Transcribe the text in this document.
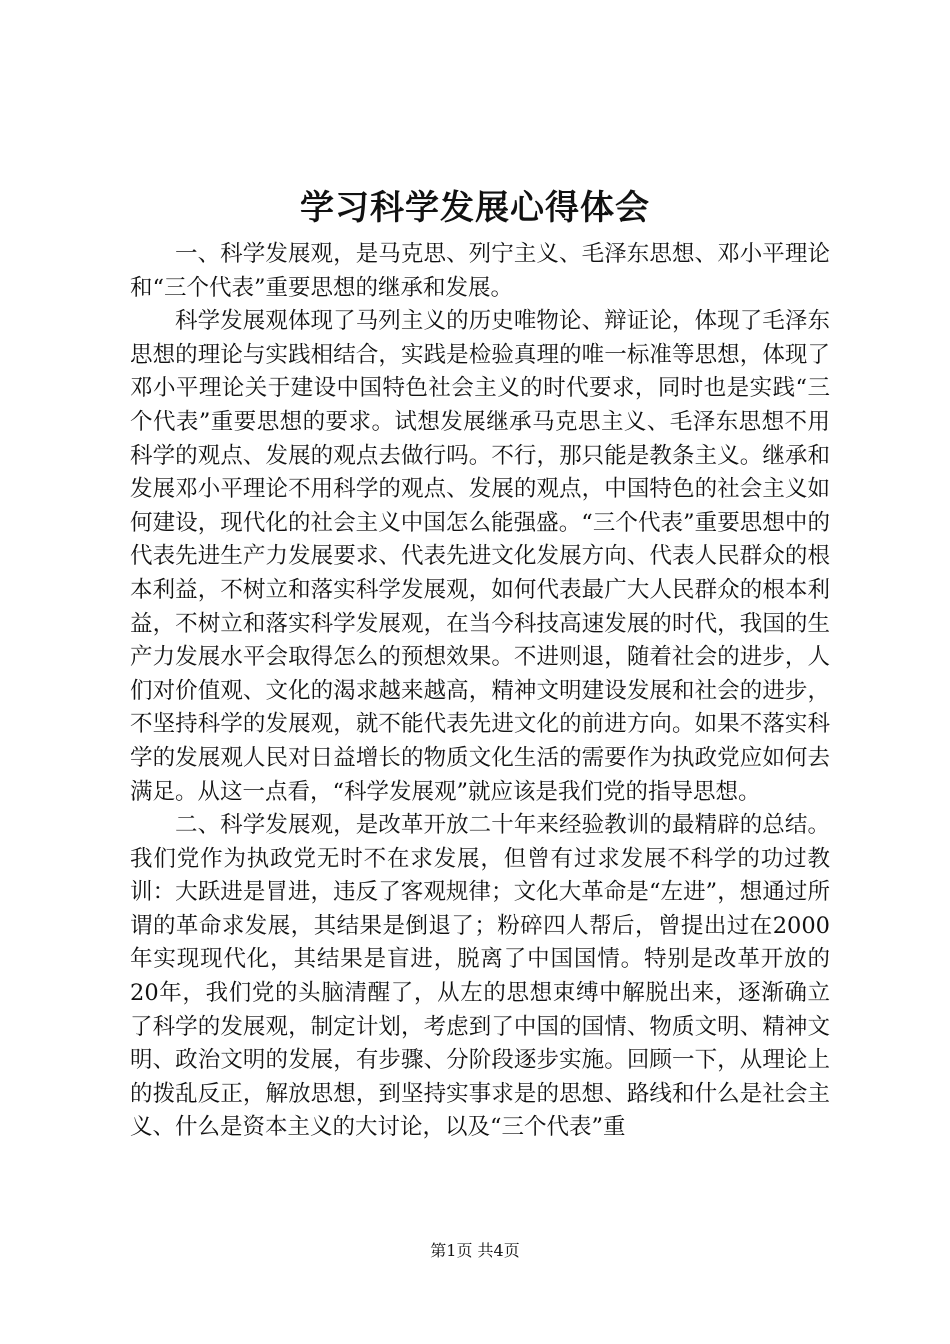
学习科学发展心得体会

一、科学发展观，是马克思、列宁主义、毛泽东思想、邓小平理论和“三个代表”重要思想的继承和发展。

科学发展观体现了马列主义的历史唯物论、辩证论，体现了毛泽东思想的理论与实践相结合，实践是检验真理的唯一标准等思想，体现了邓小平理论关于建设中国特色社会主义的时代要求，同时也是实践“三个代表”重要思想的要求。试想发展继承马克思主义、毛泽东思想不用科学的观点、发展的观点去做行吗。不行，那只能是教条主义。继承和发展邓小平理论不用科学的观点、发展的观点，中国特色的社会主义如何建设，现代化的社会主义中国怎么能强盛。“三个代表”重要思想中的代表先进生产力发展要求、代表先进文化发展方向、代表人民群众的根本利益，不树立和落实科学发展观，如何代表最广大人民群众的根本利益，不树立和落实科学发展观，在当今科技高速发展的时代，我国的生产力发展水平会取得怎么的预想效果。不进则退，随着社会的进步，人们对价值观、文化的渴求越来越高，精神文明建设发展和社会的进步，不坚持科学的发展观，就不能代表先进文化的前进方向。如果不落实科学的发展观人民对日益增长的物质文化生活的需要作为执政党应如何去满足。从这一点看，“科学发展观”就应该是我们党的指导思想。

二、科学发展观，是改革开放二十年来经验教训的最精辟的总结。我们党作为执政党无时不在求发展，但曾有过求发展不科学的功过教训：大跃进是冒进，违反了客观规律；文化大革命是“左进”，想通过所谓的革命求发展，其结果是倒退了；粉碎四人帮后，曾提出过在2000年实现现代化，其结果是盲进，脱离了中国国情。特别是改革开放的20年，我们党的头脑清醒了，从左的思想束缚中解脱出来，逐渐确立了科学的发展观，制定计划，考虑到了中国的国情、物质文明、精神文明、政治文明的发展，有步骤、分阶段逐步实施。回顾一下，从理论上的拨乱反正，解放思想，到坚持实事求是的思想、路线和什么是社会主义、什么是资本主义的大讨论，以及“三个代表”重

第1页 共4页
